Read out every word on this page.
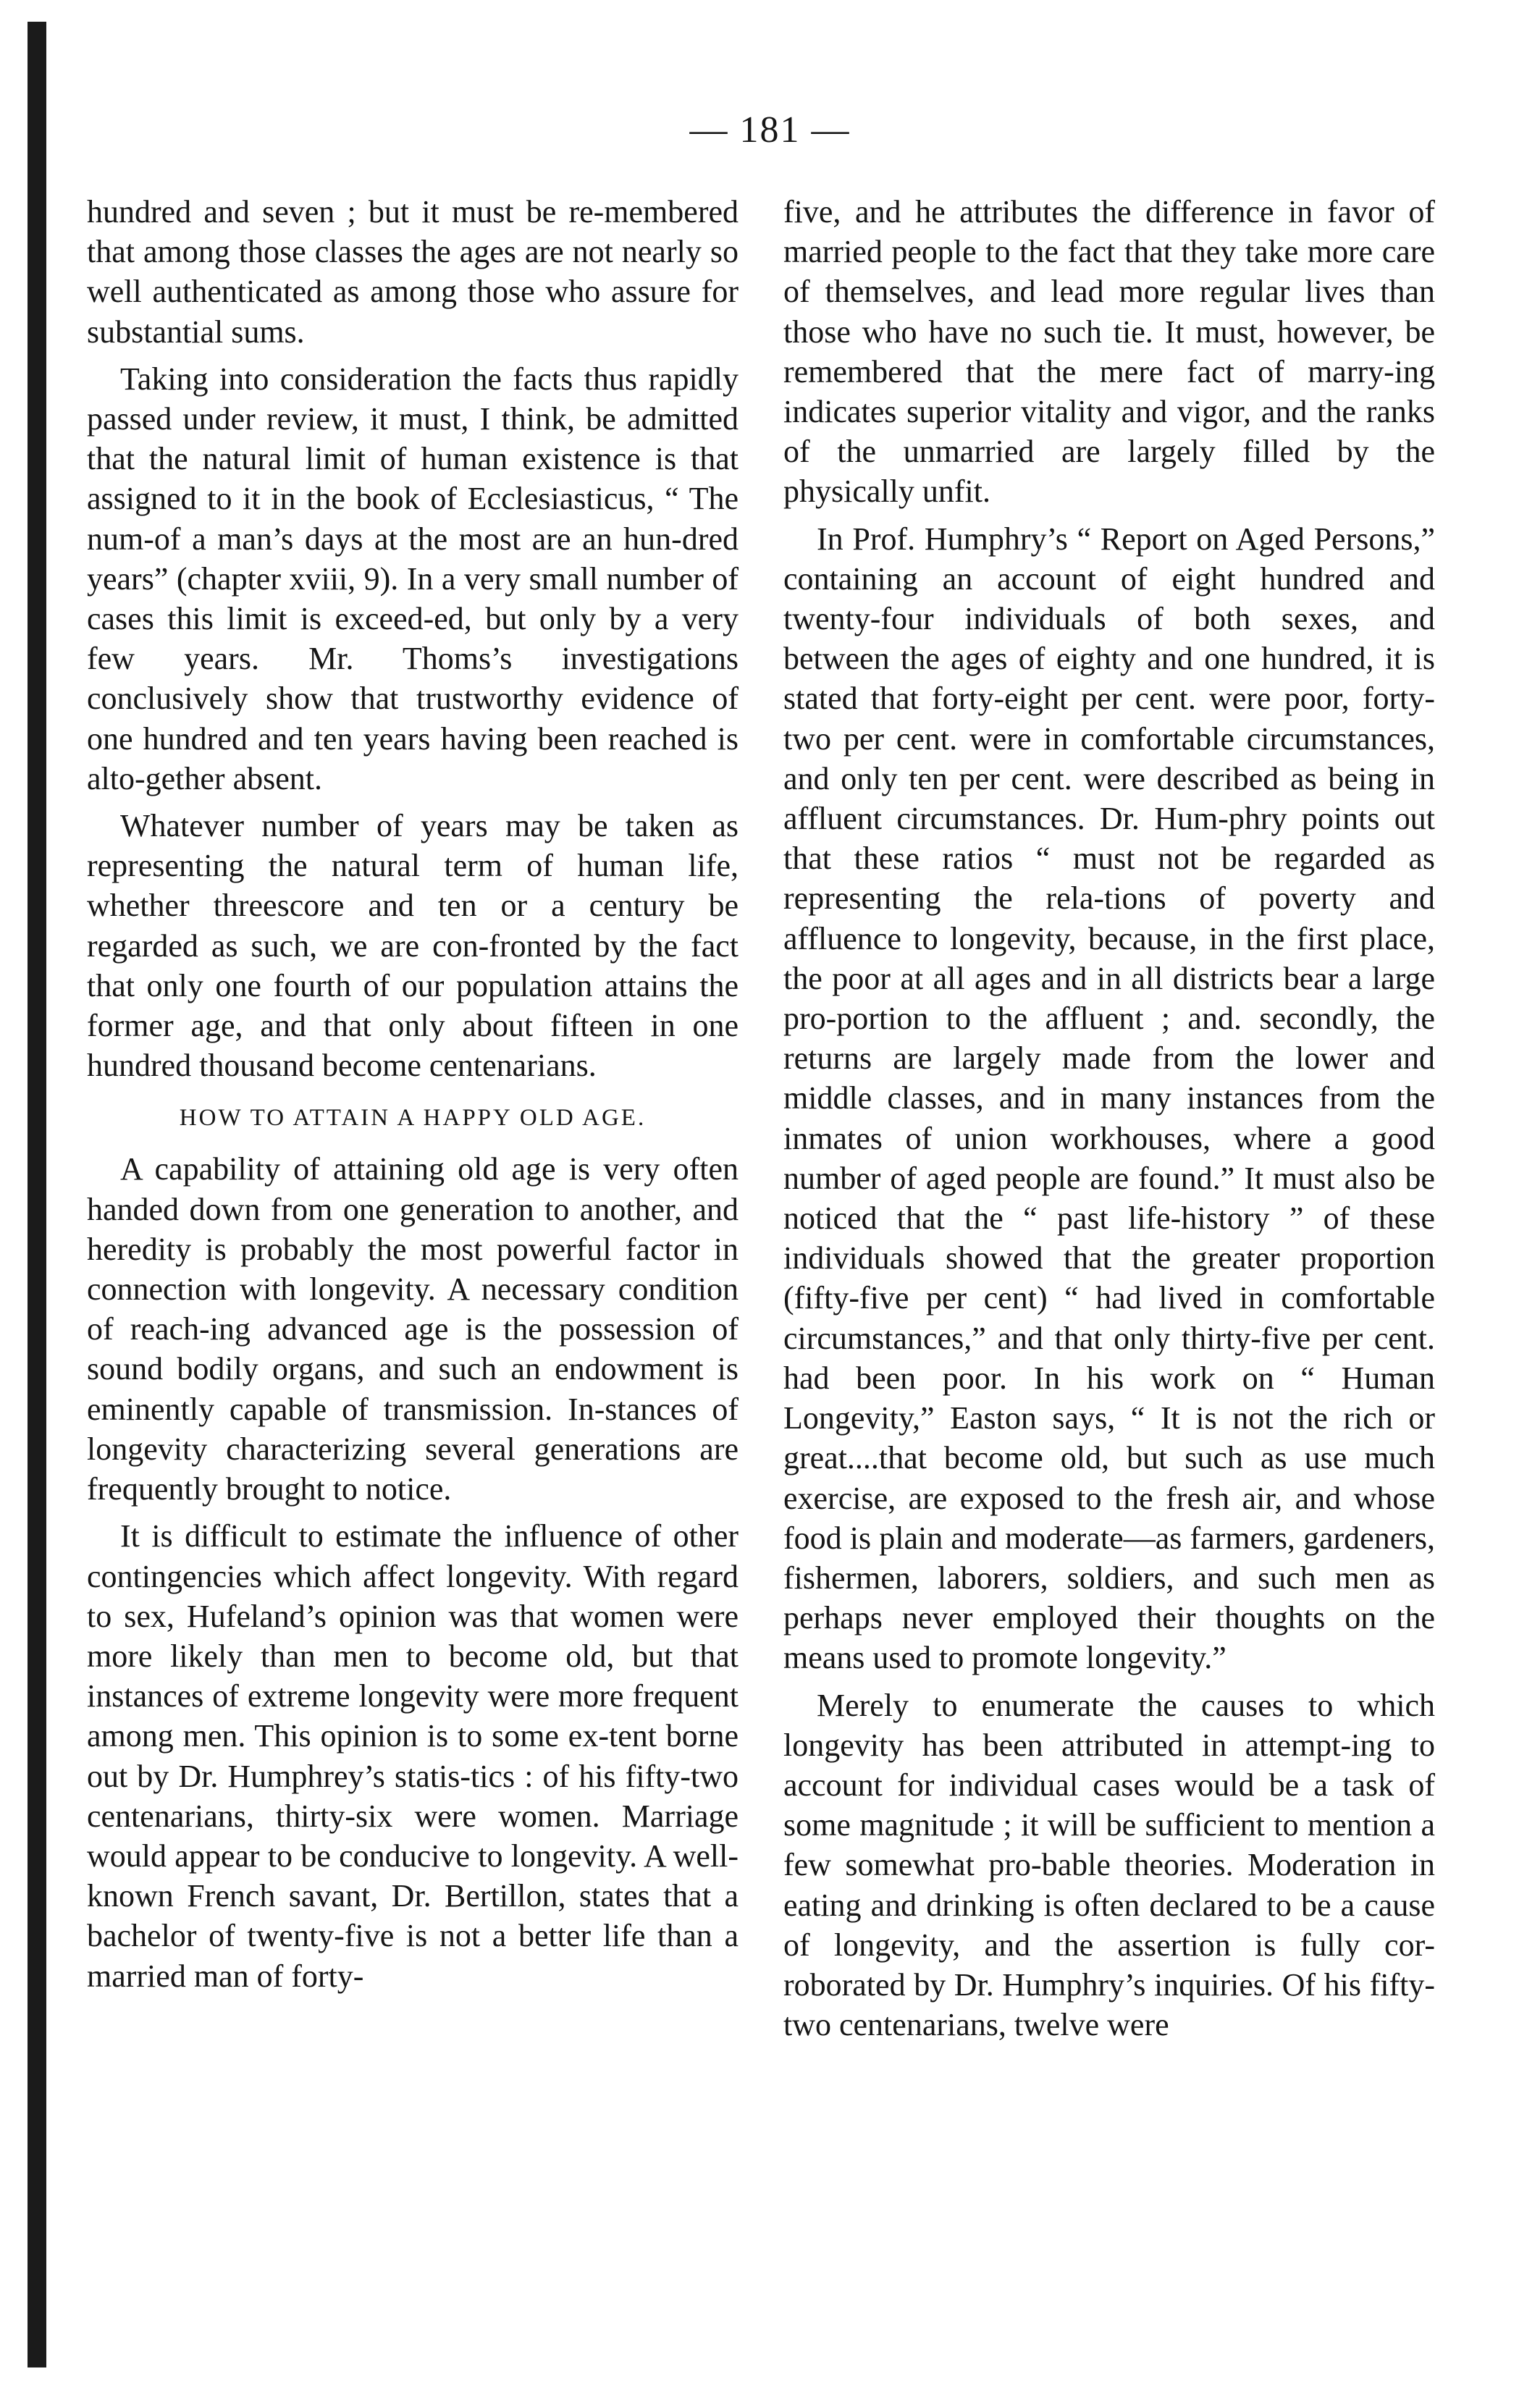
— 181 —

hundred and seven ; but it must be re-membered that among those classes the ages are not nearly so well authenticated as among those who assure for substantial sums.

Taking into consideration the facts thus rapidly passed under review, it must, I think, be admitted that the natural limit of human existence is that assigned to it in the book of Ecclesiasticus, “ The num-of a man’s days at the most are an hun-dred years” (chapter xviii, 9). In a very small number of cases this limit is exceed-ed, but only by a very few years. Mr. Thoms’s investigations conclusively show that trustworthy evidence of one hundred and ten years having been reached is alto-gether absent.

Whatever number of years may be taken as representing the natural term of human life, whether threescore and ten or a century be regarded as such, we are con-fronted by the fact that only one fourth of our population attains the former age, and that only about fifteen in one hundred thousand become centenarians.

HOW TO ATTAIN A HAPPY OLD AGE.

A capability of attaining old age is very often handed down from one generation to another, and heredity is probably the most powerful factor in connection with longevity. A necessary condition of reach-ing advanced age is the possession of sound bodily organs, and such an endowment is eminently capable of transmission. In-stances of longevity characterizing several generations are frequently brought to notice.

It is difficult to estimate the influence of other contingencies which affect longevity. With regard to sex, Hufeland’s opinion was that women were more likely than men to become old, but that instances of extreme longevity were more frequent among men. This opinion is to some ex-tent borne out by Dr. Humphrey’s statis-tics : of his fifty-two centenarians, thirty-six were women. Marriage would appear to be conducive to longevity. A well-known French savant, Dr. Bertillon, states that a bachelor of twenty-five is not a better life than a married man of forty-

five, and he attributes the difference in favor of married people to the fact that they take more care of themselves, and lead more regular lives than those who have no such tie. It must, however, be remembered that the mere fact of marry-ing indicates superior vitality and vigor, and the ranks of the unmarried are largely filled by the physically unfit.

In Prof. Humphry’s “ Report on Aged Persons,” containing an account of eight hundred and twenty-four individuals of both sexes, and between the ages of eighty and one hundred, it is stated that forty-eight per cent. were poor, forty-two per cent. were in comfortable circumstances, and only ten per cent. were described as being in affluent circumstances. Dr. Hum-phry points out that these ratios “ must not be regarded as representing the rela-tions of poverty and affluence to longevity, because, in the first place, the poor at all ages and in all districts bear a large pro-portion to the affluent ; and. secondly, the returns are largely made from the lower and middle classes, and in many instances from the inmates of union workhouses, where a good number of aged people are found.” It must also be noticed that the “ past life-history ” of these individuals showed that the greater proportion (fifty-five per cent) “ had lived in comfortable circumstances,” and that only thirty-five per cent. had been poor. In his work on “ Human Longevity,” Easton says, “ It is not the rich or great....that become old, but such as use much exercise, are exposed to the fresh air, and whose food is plain and moderate—as farmers, gardeners, fishermen, laborers, soldiers, and such men as perhaps never employed their thoughts on the means used to promote longevity.”

Merely to enumerate the causes to which longevity has been attributed in attempt-ing to account for individual cases would be a task of some magnitude ; it will be sufficient to mention a few somewhat pro-bable theories. Moderation in eating and drinking is often declared to be a cause of longevity, and the assertion is fully cor-roborated by Dr. Humphry’s inquiries. Of his fifty-two centenarians, twelve were
